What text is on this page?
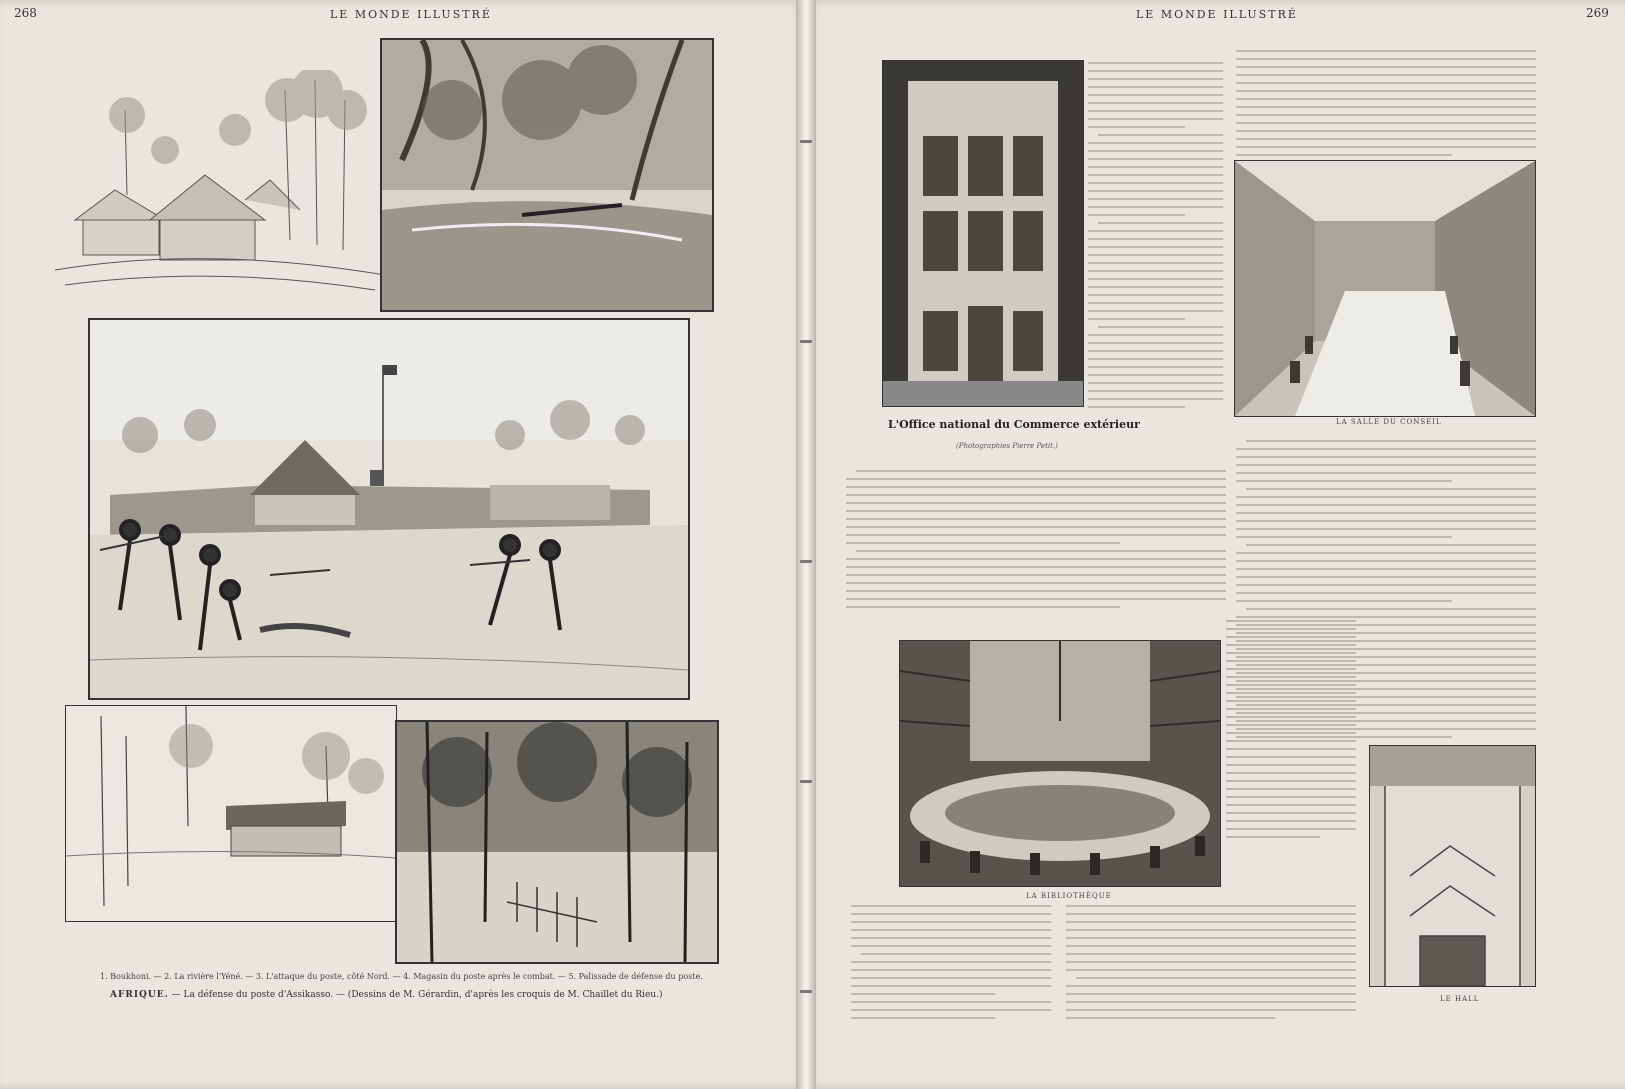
268	LE MONDE ILLUSTRÉ
1. Boukhoni. — 2. La rivière l'Yéné. — 3. L'attaque du poste, côté Nord. — 4. Magasin du poste après le combat. — 5. Palissade de défense du poste.
AFRIQUE. — La défense du poste d'Assikasso. — (Dessins de M. Gérardin, d'après les croquis de M. Chaillet du Rieu.)
LE MONDE ILLUSTRÉ	269
L'Office national du Commerce extérieur
(Photographies Pierre Petit.)
LA SALLE DU CONSEIL
LA BIBLIOTHÈQUE
LE HALL
